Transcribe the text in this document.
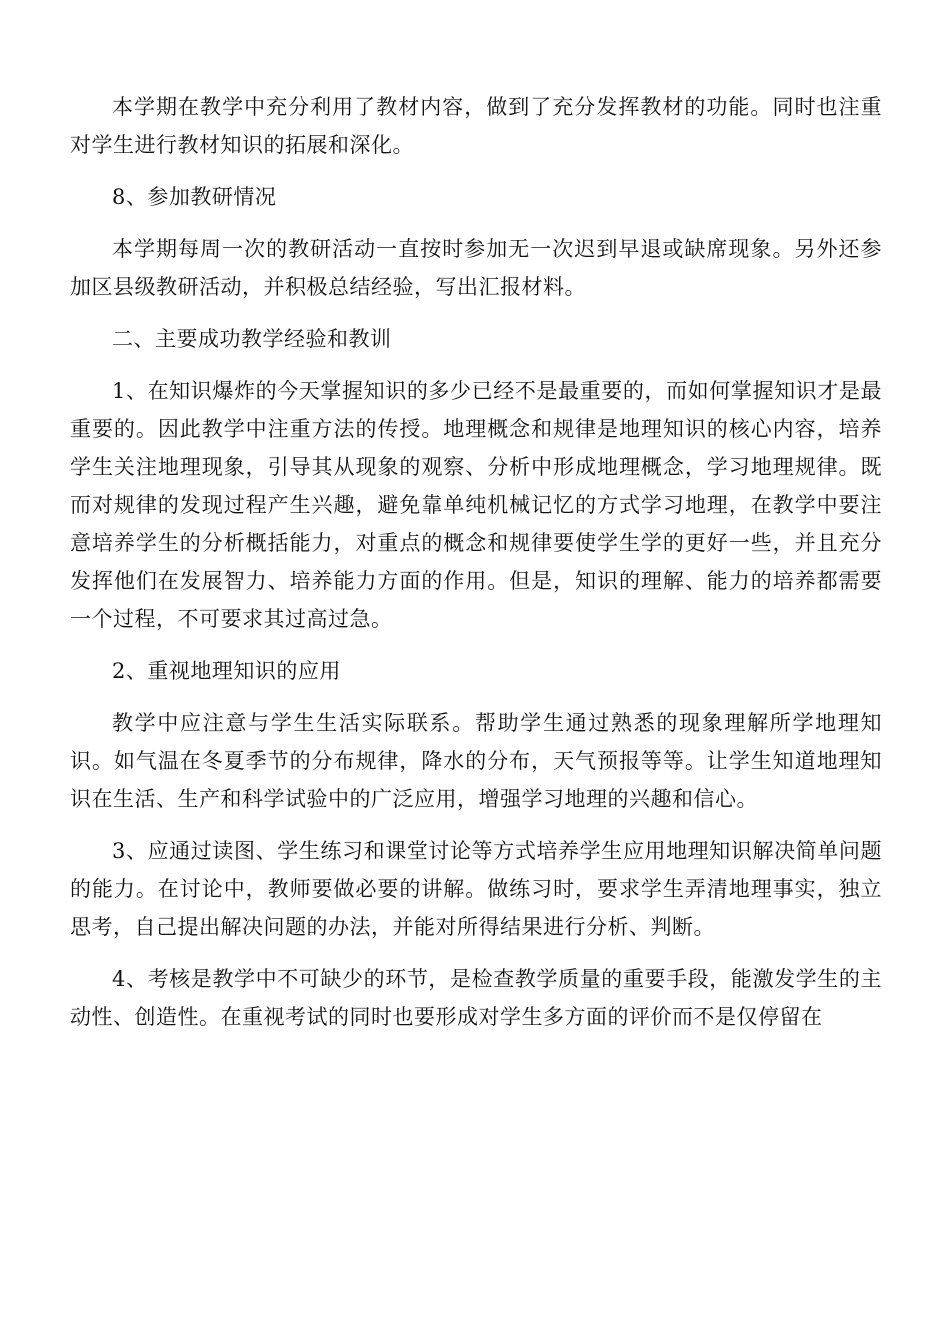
本学期在教学中充分利用了教材内容，做到了充分发挥教材的功能。同时也注重对学生进行教材知识的拓展和深化。

8、参加教研情况

本学期每周一次的教研活动一直按时参加无一次迟到早退或缺席现象。另外还参加区县级教研活动，并积极总结经验，写出汇报材料。

二、主要成功教学经验和教训

1、在知识爆炸的今天掌握知识的多少已经不是最重要的，而如何掌握知识才是最重要的。因此教学中注重方法的传授。地理概念和规律是地理知识的核心内容，培养学生关注地理现象，引导其从现象的观察、分析中形成地理概念，学习地理规律。既而对规律的发现过程产生兴趣，避免靠单纯机械记忆的方式学习地理，在教学中要注意培养学生的分析概括能力，对重点的概念和规律要使学生学的更好一些，并且充分发挥他们在发展智力、培养能力方面的作用。但是，知识的理解、能力的培养都需要一个过程，不可要求其过高过急。

2、重视地理知识的应用

教学中应注意与学生生活实际联系。帮助学生通过熟悉的现象理解所学地理知识。如气温在冬夏季节的分布规律，降水的分布，天气预报等等。让学生知道地理知识在生活、生产和科学试验中的广泛应用，增强学习地理的兴趣和信心。

3、应通过读图、学生练习和课堂讨论等方式培养学生应用地理知识解决简单问题的能力。在讨论中，教师要做必要的讲解。做练习时，要求学生弄清地理事实，独立思考，自己提出解决问题的办法，并能对所得结果进行分析、判断。

4、考核是教学中不可缺少的环节，是检查教学质量的重要手段，能激发学生的主动性、创造性。在重视考试的同时也要形成对学生多方面的评价而不是仅停留在
